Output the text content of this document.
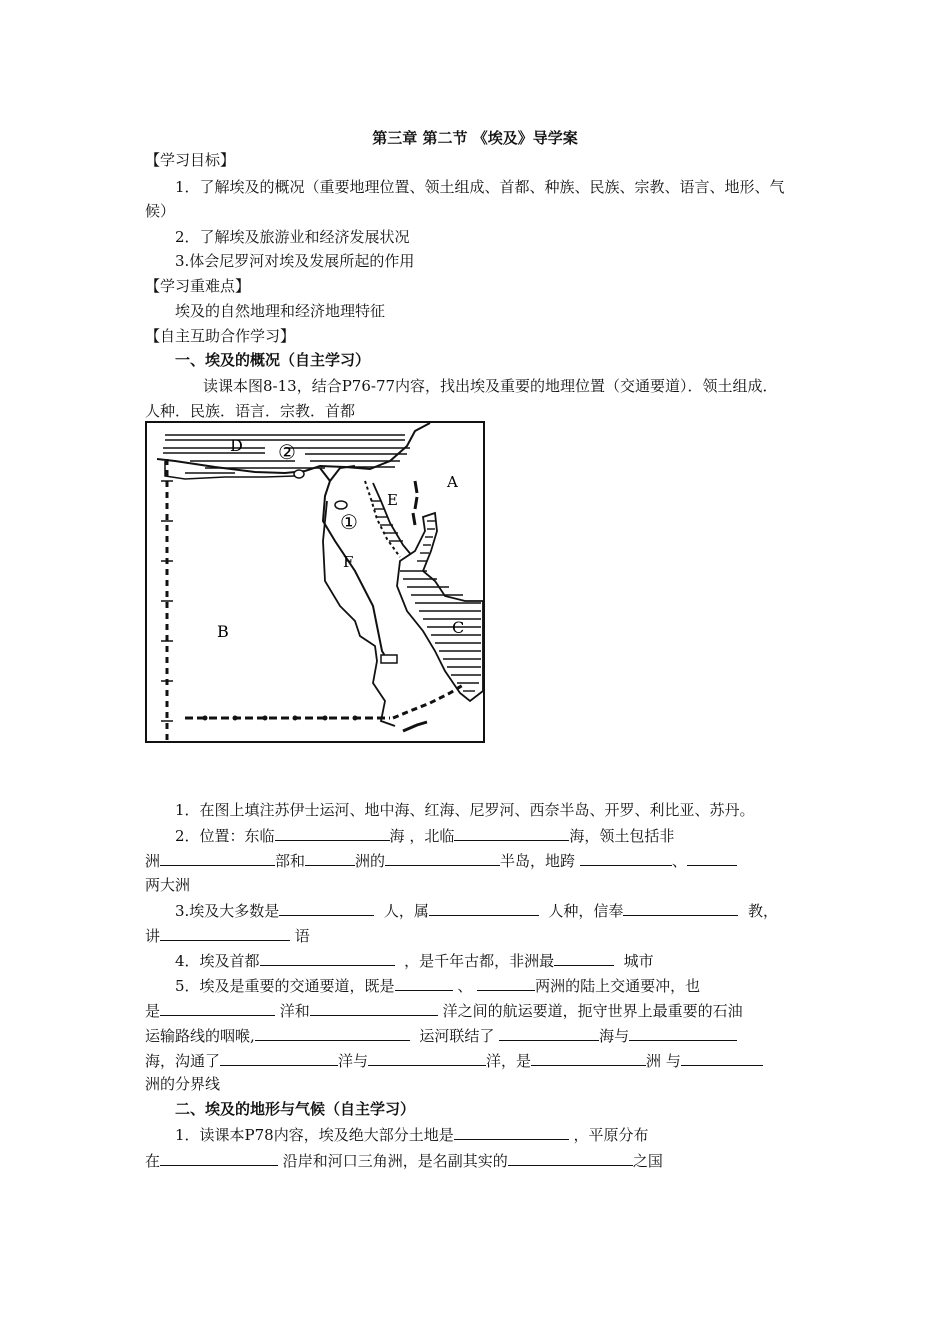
第三章 第二节 《埃及》导学案
【学习目标】
1．了解埃及的概况（重要地理位置、领土组成、首都、种族、民族、宗教、语言、地形、气
候）
2．了解埃及旅游业和经济发展状况
3.体会尼罗河对埃及发展所起的作用
【学习重难点】
埃及的自然地理和经济地理特征
【自主互助合作学习】
一、埃及的概况（自主学习）
读课本图8-13，结合P76-77内容，找出埃及重要的地理位置（交通要道）．领土组成．
人种．民族．语言．宗教．首都
D ②
A
E
①
F
B	C
1．在图上填注苏伊士运河、地中海、红海、尼罗河、西奈半岛、开罗、利比亚、苏丹。
2．位置：东临	海 ，北临	海，领土包括非
洲	部和	洲的	半岛，地跨	、
两大洲
3.埃及大多数是	人，属	人种，信奉	教，
讲	语
4．埃及首都	，是千年古都，非洲最	城市
5．埃及是重要的交通要道，既是	、	两洲的陆上交通要冲，也
是	洋和	洋之间的航运要道，扼守世界上最重要的石油
运输路线的咽喉,	运河联结了	海与
海，沟通了	洋与	洋，是	洲 与
洲的分界线
二、埃及的地形与气候（自主学习）
1．读课本P78内容，埃及绝大部分土地是	，平原分布
在	沿岸和河口三角洲，是名副其实的	之国
